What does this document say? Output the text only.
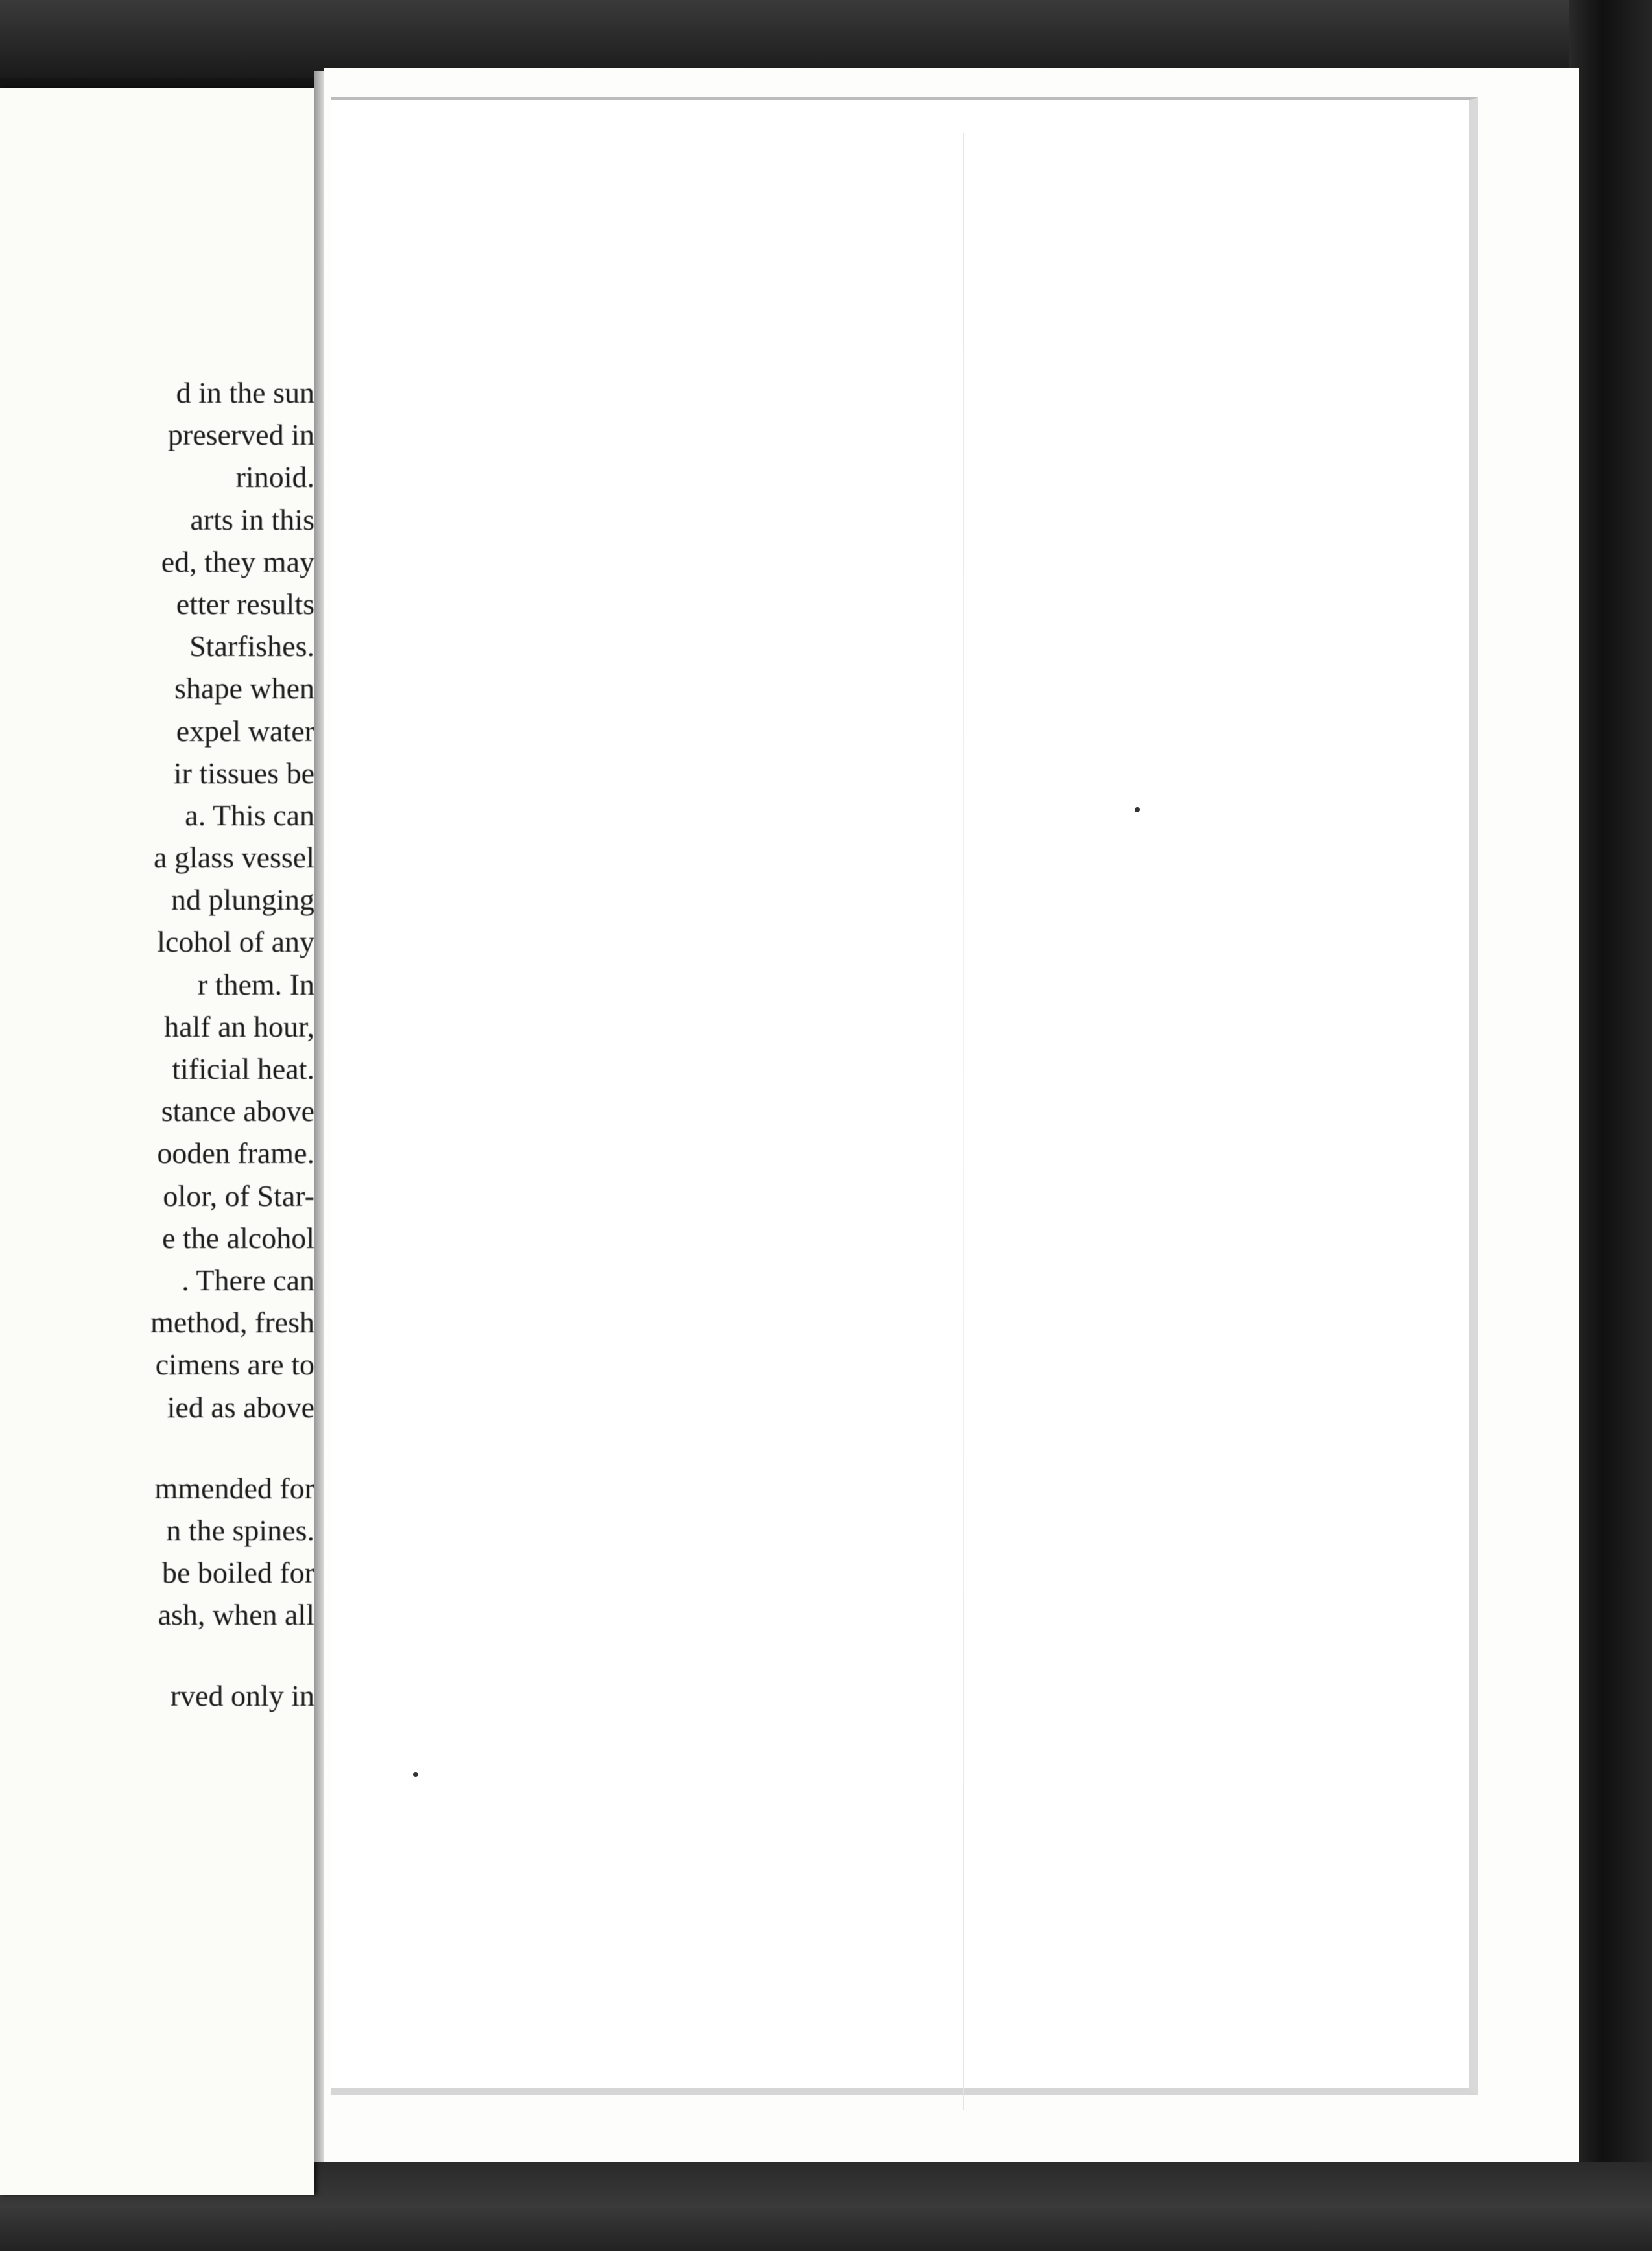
d in the sun
preserved in
rinoid.
arts in this
ed, they may
etter results
Starfishes.
shape when
expel water
ir tissues be
a. This can
a glass vessel
nd plunging
lcohol of any
r them. In
half an hour,
tificial heat.
stance above
ooden frame.
olor, of Star-
e the alcohol
. There can
method, fresh
cimens are to
ied as above
mmended for
n the spines.
be boiled for
ash, when all
rved only in
